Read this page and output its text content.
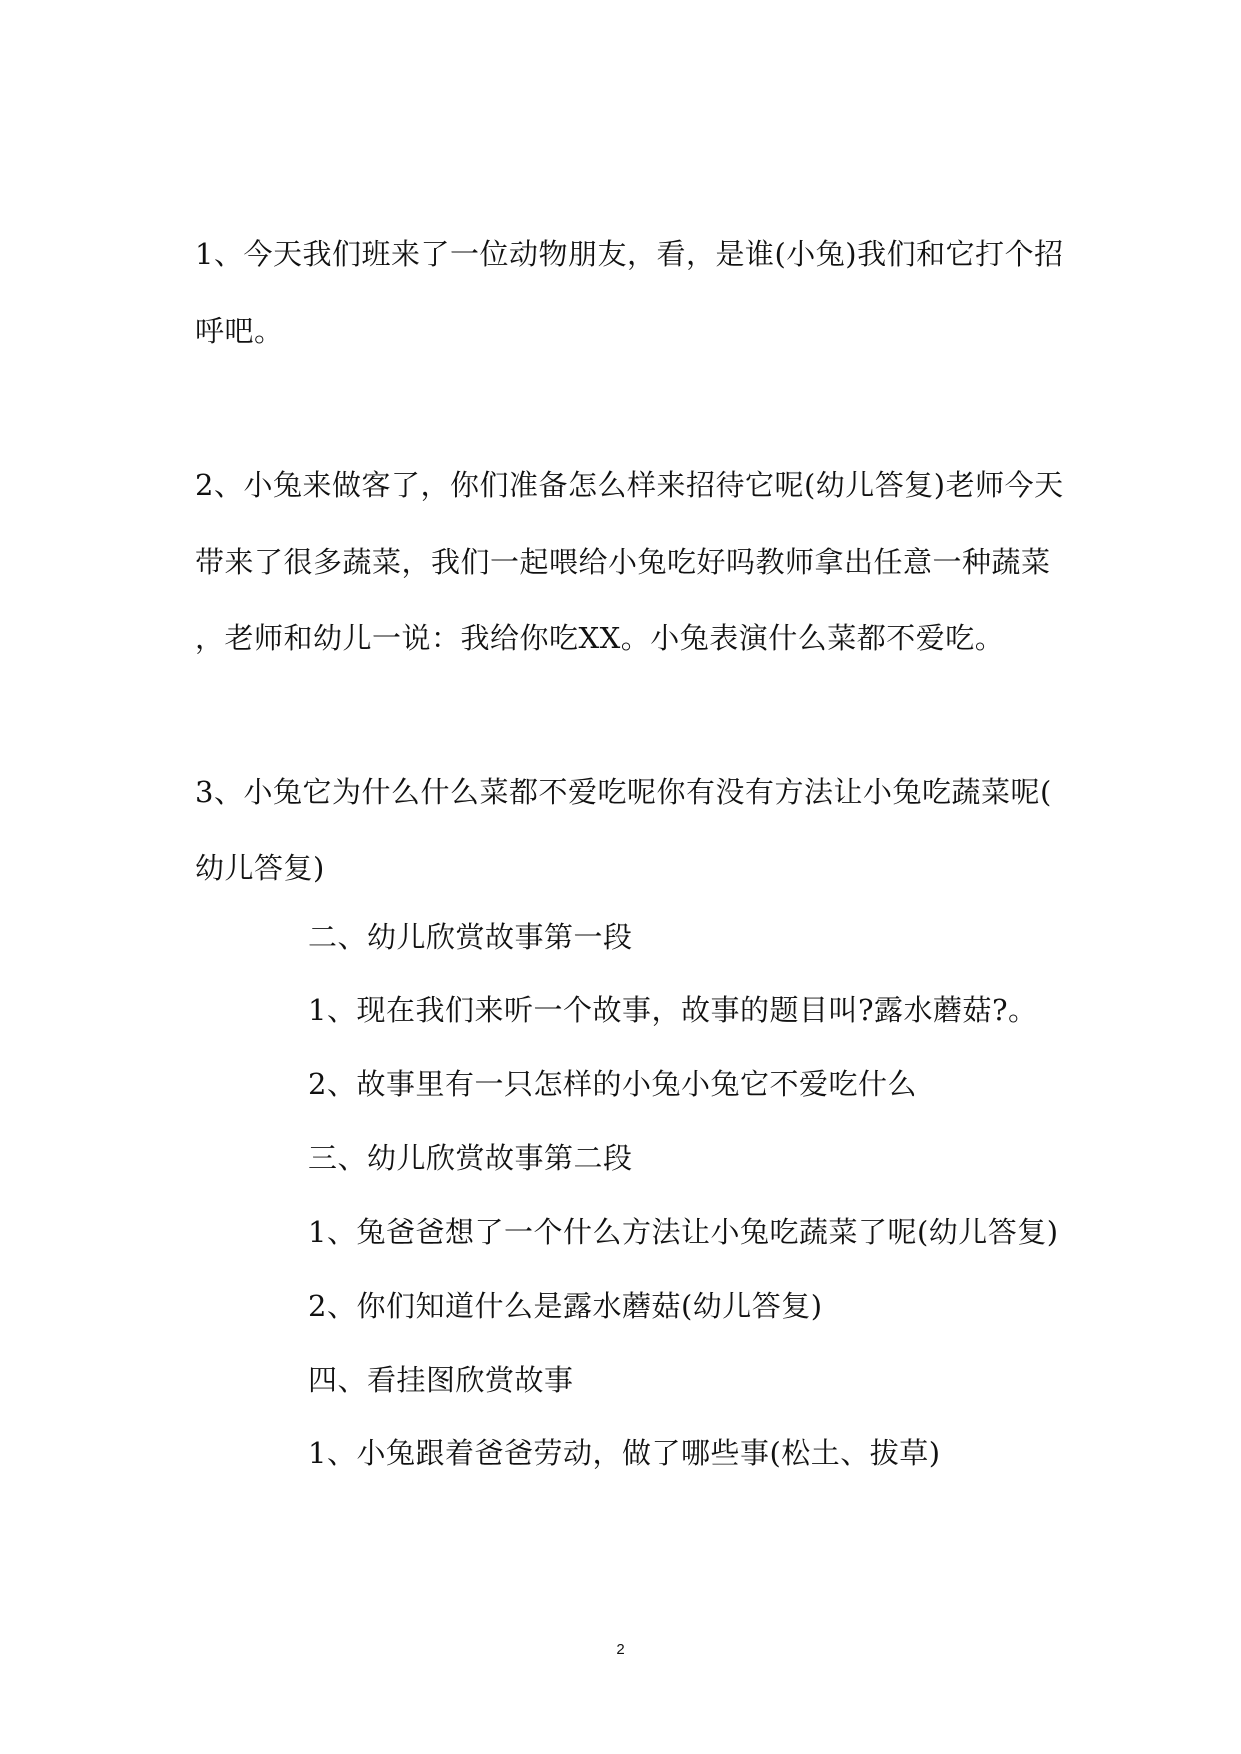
1、今天我们班来了一位动物朋友，看，是谁(小兔)我们和它打个招
呼吧。
2、小兔来做客了，你们准备怎么样来招待它呢(幼儿答复)老师今天
带来了很多蔬菜，我们一起喂给小兔吃好吗教师拿出任意一种蔬菜
，老师和幼儿一说：我给你吃XX。小兔表演什么菜都不爱吃。
3、小兔它为什么什么菜都不爱吃呢你有没有方法让小兔吃蔬菜呢(
幼儿答复)
二、幼儿欣赏故事第一段
1、现在我们来听一个故事，故事的题目叫?露水蘑菇?。
2、故事里有一只怎样的小兔小兔它不爱吃什么
三、幼儿欣赏故事第二段
1、兔爸爸想了一个什么方法让小兔吃蔬菜了呢(幼儿答复)
2、你们知道什么是露水蘑菇(幼儿答复)
四、看挂图欣赏故事
1、小兔跟着爸爸劳动，做了哪些事(松土、拔草)
2
